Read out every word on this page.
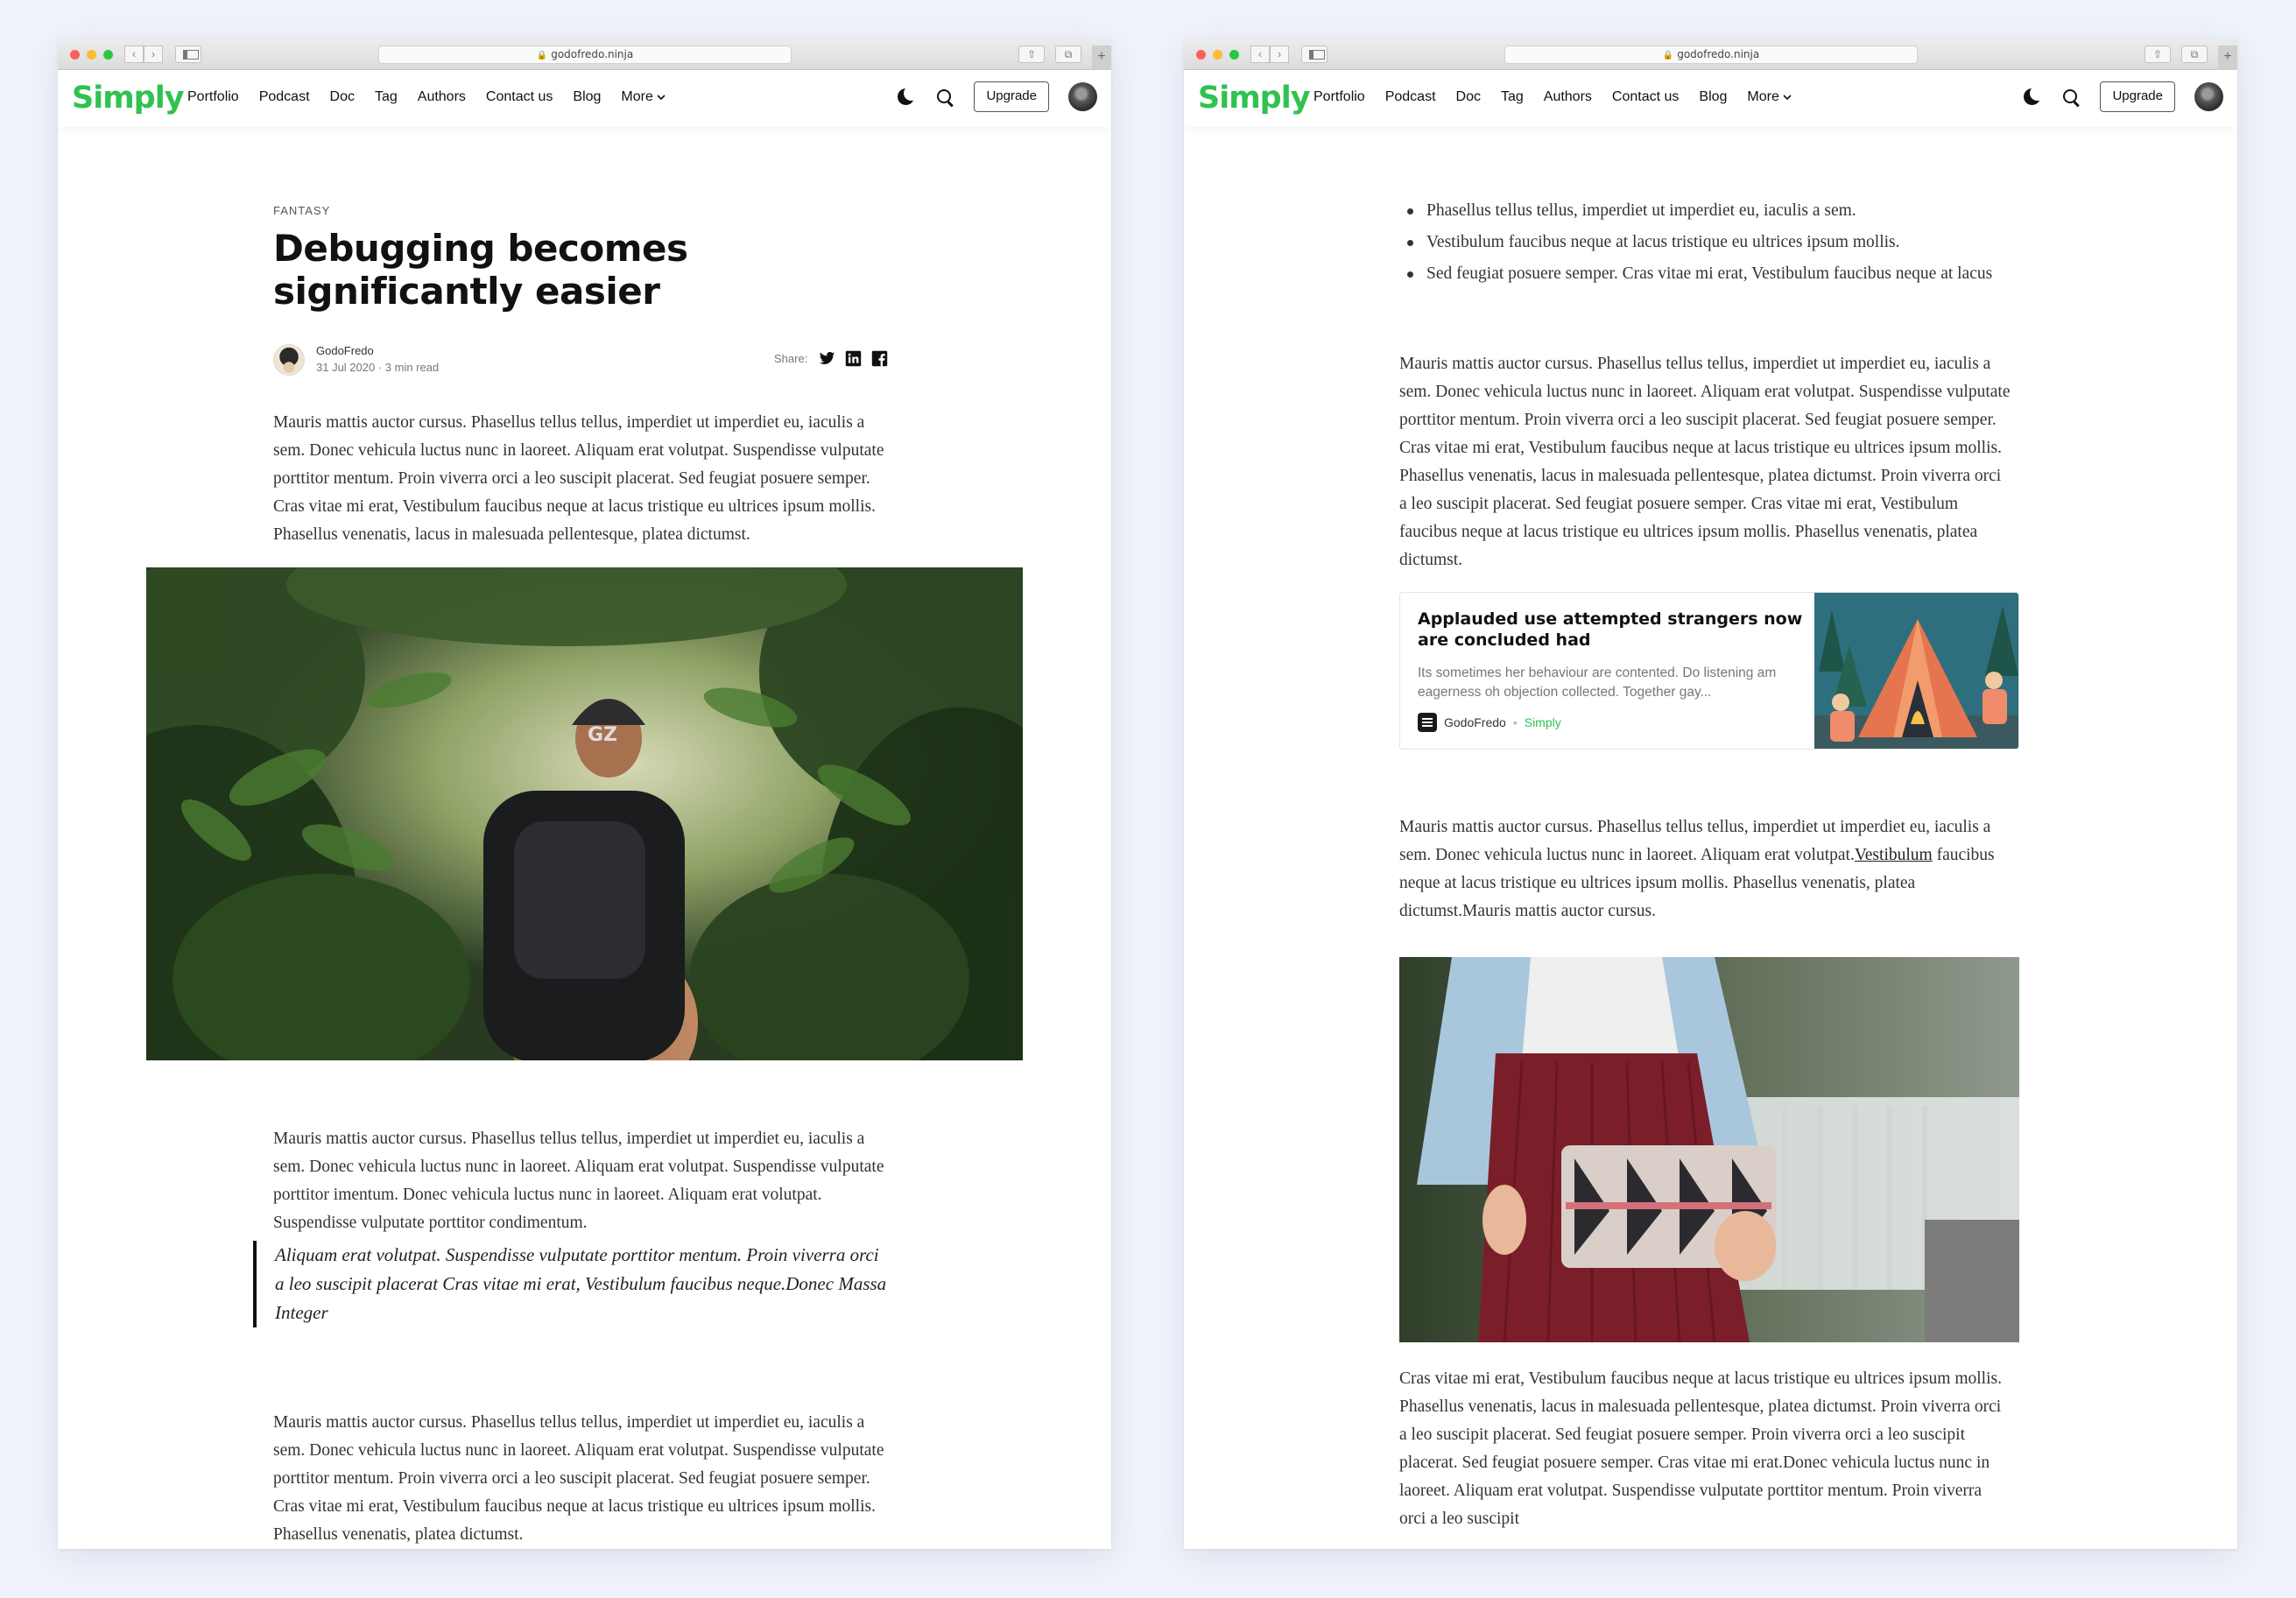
‹	›	🔒 godofredo.ninja	⇧	⧉	+
Simply Portfolio Podcast Doc Tag Authors Contact us Blog More	Upgrade
FANTASY
Debugging becomes significantly easier
GodoFredo
31 Jul 2020 · 3 min read
Share:
Mauris mattis auctor cursus. Phasellus tellus tellus, imperdiet ut imperdiet eu, iaculis a sem. Donec vehicula luctus nunc in laoreet. Aliquam erat volutpat. Suspendisse vulputate porttitor mentum. Proin viverra orci a leo suscipit placerat. Sed feugiat posuere semper. Cras vitae mi erat, Vestibulum faucibus neque at lacus tristique eu ultrices ipsum mollis. Phasellus venenatis, lacus in malesuada pellentesque, platea dictumst.
GZ
Mauris mattis auctor cursus. Phasellus tellus tellus, imperdiet ut imperdiet eu, iaculis a sem. Donec vehicula luctus nunc in laoreet. Aliquam erat volutpat. Suspendisse vulputate porttitor imentum. Donec vehicula luctus nunc in laoreet. Aliquam erat volutpat. Suspendisse vulputate porttitor condimentum.
Aliquam erat volutpat. Suspendisse vulputate porttitor mentum. Proin viverra orci a leo suscipit placerat Cras vitae mi erat, Vestibulum faucibus neque.Donec Massa Integer
Mauris mattis auctor cursus. Phasellus tellus tellus, imperdiet ut imperdiet eu, iaculis a sem. Donec vehicula luctus nunc in laoreet. Aliquam erat volutpat. Suspendisse vulputate porttitor mentum. Proin viverra orci a leo suscipit placerat. Sed feugiat posuere semper. Cras vitae mi erat, Vestibulum faucibus neque at lacus tristique eu ultrices ipsum mollis. Phasellus venenatis, platea dictumst.
‹	›	🔒 godofredo.ninja	⇧	⧉	+
Simply Portfolio Podcast Doc Tag Authors Contact us Blog More	Upgrade
Phasellus tellus tellus, imperdiet ut imperdiet eu, iaculis a sem.
Vestibulum faucibus neque at lacus tristique eu ultrices ipsum mollis.
Sed feugiat posuere semper. Cras vitae mi erat, Vestibulum faucibus neque at lacus
Mauris mattis auctor cursus. Phasellus tellus tellus, imperdiet ut imperdiet eu, iaculis a sem. Donec vehicula luctus nunc in laoreet. Aliquam erat volutpat. Suspendisse vulputate porttitor mentum. Proin viverra orci a leo suscipit placerat. Sed feugiat posuere semper. Cras vitae mi erat, Vestibulum faucibus neque at lacus tristique eu ultrices ipsum mollis. Phasellus venenatis, lacus in malesuada pellentesque, platea dictumst. Proin viverra orci a leo suscipit placerat. Sed feugiat posuere semper. Cras vitae mi erat, Vestibulum faucibus neque at lacus tristique eu ultrices ipsum mollis. Phasellus venenatis, platea dictumst.
Applauded use attempted strangers now are concluded had
Its sometimes her behaviour are contented. Do listening am eagerness oh objection collected. Together gay...
GodoFredo • Simply
Mauris mattis auctor cursus. Phasellus tellus tellus, imperdiet ut imperdiet eu, iaculis a sem. Donec vehicula luctus nunc in laoreet. Aliquam erat volutpat.Vestibulum faucibus neque at lacus tristique eu ultrices ipsum mollis. Phasellus venenatis, platea dictumst.Mauris mattis auctor cursus.
Cras vitae mi erat, Vestibulum faucibus neque at lacus tristique eu ultrices ipsum mollis. Phasellus venenatis, lacus in malesuada pellentesque, platea dictumst. Proin viverra orci a leo suscipit placerat. Sed feugiat posuere semper. Proin viverra orci a leo suscipit placerat. Sed feugiat posuere semper. Cras vitae mi erat.Donec vehicula luctus nunc in laoreet. Aliquam erat volutpat. Suspendisse vulputate porttitor mentum. Proin viverra orci a leo suscipit
